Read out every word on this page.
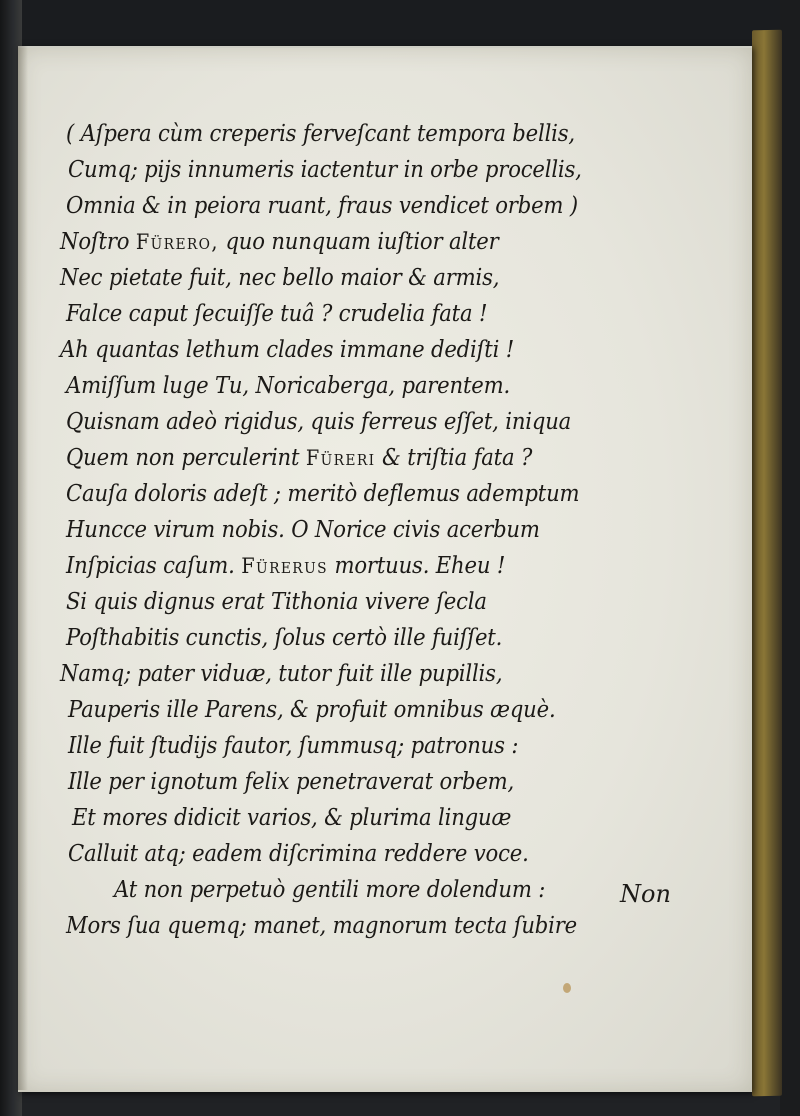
( Aſpera cùm creperis ferveſcant tempora bellis,
Cumq; pijs innumeris iactentur in orbe procellis,
Omnia & in peiora ruant, fraus vendicet orbem )
Noſtro Fürero, quo nunquam iuſtior alter
Nec pietate fuit, nec bello maior & armis,
Falce caput ſecuiſſe tuâ ? crudelia fata !
Ah quantas lethum clades immane dediſti !
Amiſſum luge Tu, Noricaberga, parentem.
Quisnam adeò rigidus, quis ferreus eſſet, iniqua
Quem non perculerint Füreri & triſtia fata ?
Cauſa doloris adeſt ; meritò deflemus ademptum
Huncce virum nobis. O Norice civis acerbum
Inſpicias caſum. Fürerus mortuus. Eheu !
Si quis dignus erat Tithonia vivere ſecla
Poſthabitis cunctis, ſolus certò ille fuiſſet.
Namq; pater viduæ, tutor fuit ille pupillis,
Pauperis ille Parens, & profuit omnibus æquè.
Ille fuit ſtudijs fautor, ſummusq; patronus :
Ille per ignotum felix penetraverat orbem,
Et mores didicit varios, & plurima linguæ
Calluit atq; eadem diſcrimina reddere voce.
At non perpetuò gentili more dolendum :
Mors ſua quemq; manet, magnorum tecta ſubire
Non
